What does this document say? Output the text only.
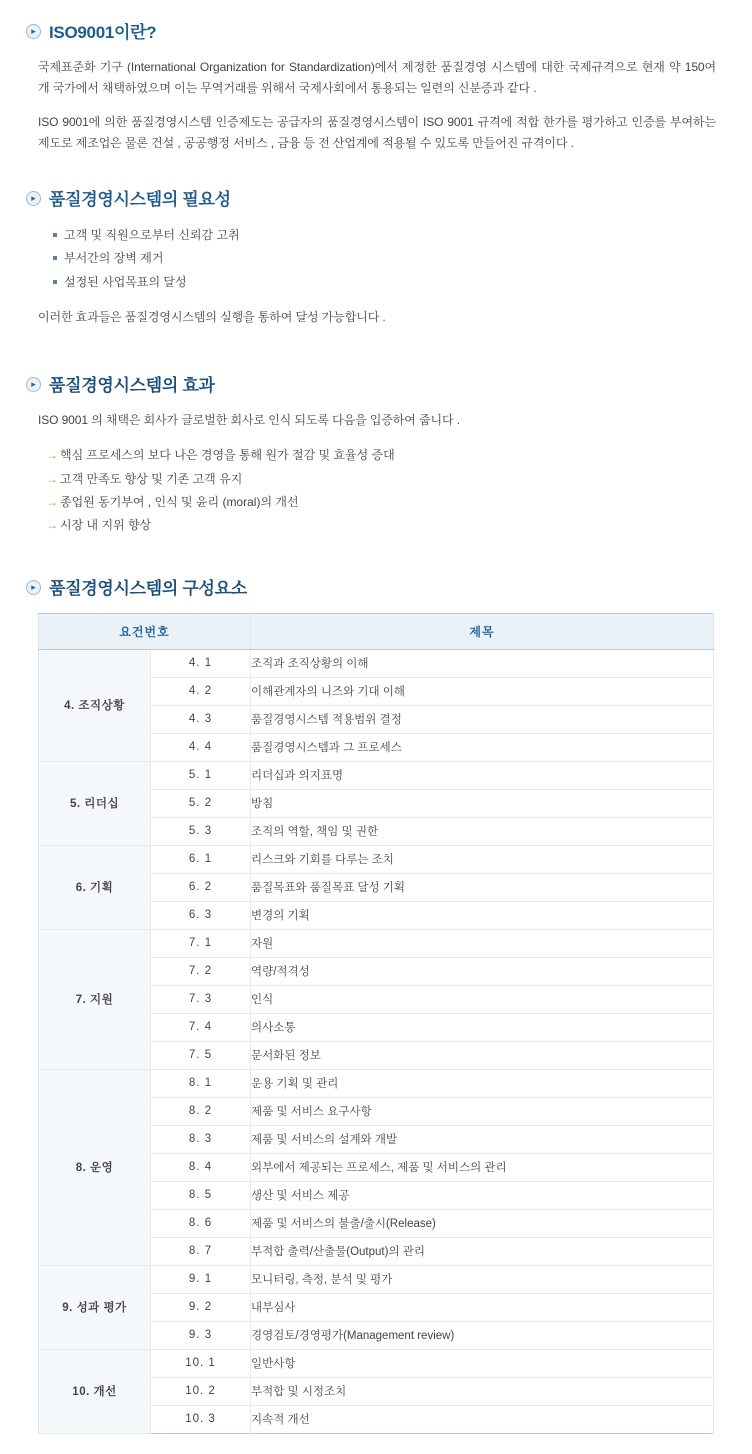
▸ ISO9001이란?

국제표준화 기구 (International Organization for Standardization)에서 제정한 품질경영 시스템에 대한 국제규격으로 현재 약 150여 개 국가에서 채택하였으며 이는 무역거래를 위해서 국제사회에서 통용되는 일련의 신분증과 같다 .

ISO 9001에 의한 품질경영시스템 인증제도는 공급자의 품질경영시스템이 ISO 9001 규격에 적합 한가를 평가하고 인증를 부여하는 제도로 제조업은 물론 건설 , 공공행정 서비스 , 금융 등 전 산업계에 적용될 수 있도록 만들어진 규격이다 .

▸ 품질경영시스템의 필요성
고객 및 직원으로부터 신뢰감 고취
부서간의 장벽 제거
설정된 사업목표의 달성

이러한 효과들은 품질경영시스템의 실행을 통하여 달성 가능합니다 .

▸ 품질경영시스템의 효과

ISO 9001 의 채택은 회사가 글로벌한 회사로 인식 되도록 다음을 입증하여 줍니다 .

→ 핵심 프로세스의 보다 나은 경영을 통해 원가 절감 및 효율성 증대
→ 고객 만족도 향상 및 기존 고객 유지
→ 종업원 동기부여 , 인식 및 윤리 (moral)의 개선
→ 시장 내 지위 향상
▸ 품질경영시스템의 구성요소
요건번호		제목
4. 조직상황	4. 1	조직과 조직상황의 이해
	4. 2	이해관계자의 니즈와 기대 이해
	4. 3	품질경영시스템 적용범위 결정
	4. 4	품질경영시스템과 그 프로세스
5. 리더십	5. 1	리더십과 의지표명
	5. 2	방침
	5. 3	조직의 역할, 책임 및 권한
6. 기획	6. 1	리스크와 기회를 다루는 조치
	6. 2	품질목표와 품질목표 달성 기획
	6. 3	변경의 기획
7. 지원	7. 1	자원
	7. 2	역량/적격성
	7. 3	인식
	7. 4	의사소통
	7. 5	문서화된 정보
8. 운영	8. 1	운용 기획 및 관리
	8. 2	제품 및 서비스 요구사항
	8. 3	제품 및 서비스의 설계와 개발
	8. 4	외부에서 제공되는 프로세스, 제품 및 서비스의 관리
	8. 5	생산 및 서비스 제공
	8. 6	제품 및 서비스의 불출/출시(Release)
	8. 7	부적합 출력/산출물(Output)의 관리
9. 성과 평가	9. 1	모니터링, 측정, 분석 및 평가
	9. 2	내부심사
	9. 3	경영검토/경영평가(Management review)
10. 개선	10. 1	일반사항
	10. 2	부적합 및 시정조치
	10. 3	지속적 개선
